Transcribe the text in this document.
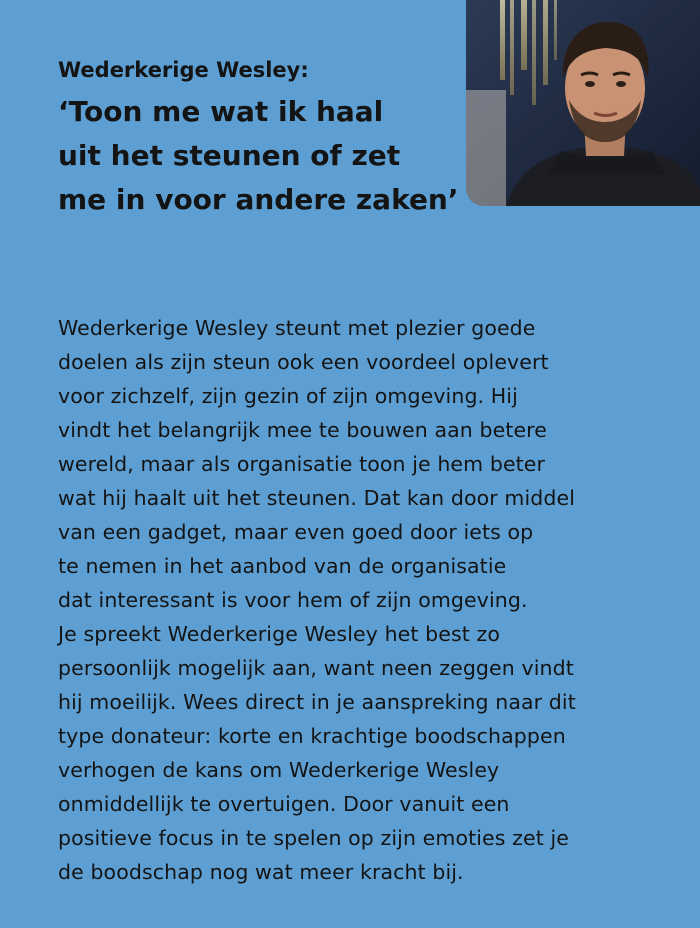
Wederkerige Wesley:
‘Toon me wat ik haal
uit het steunen of zet
me in voor andere zaken’

Wederkerige Wesley steunt met plezier goede
doelen als zijn steun ook een voordeel oplevert
voor zichzelf, zijn gezin of zijn omgeving. Hij
vindt het belangrijk mee te bouwen aan betere
wereld, maar als organisatie toon je hem beter
wat hij haalt uit het steunen. Dat kan door middel
van een gadget, maar even goed door iets op
te nemen in het aanbod van de organisatie
dat interessant is voor hem of zijn omgeving.
Je spreekt Wederkerige Wesley het best zo
persoonlijk mogelijk aan, want neen zeggen vindt
hij moeilijk. Wees direct in je aanspreking naar dit
type donateur: korte en krachtige boodschappen
verhogen de kans om Wederkerige Wesley
onmiddellijk te overtuigen. Door vanuit een
positieve focus in te spelen op zijn emoties zet je
de boodschap nog wat meer kracht bij.
